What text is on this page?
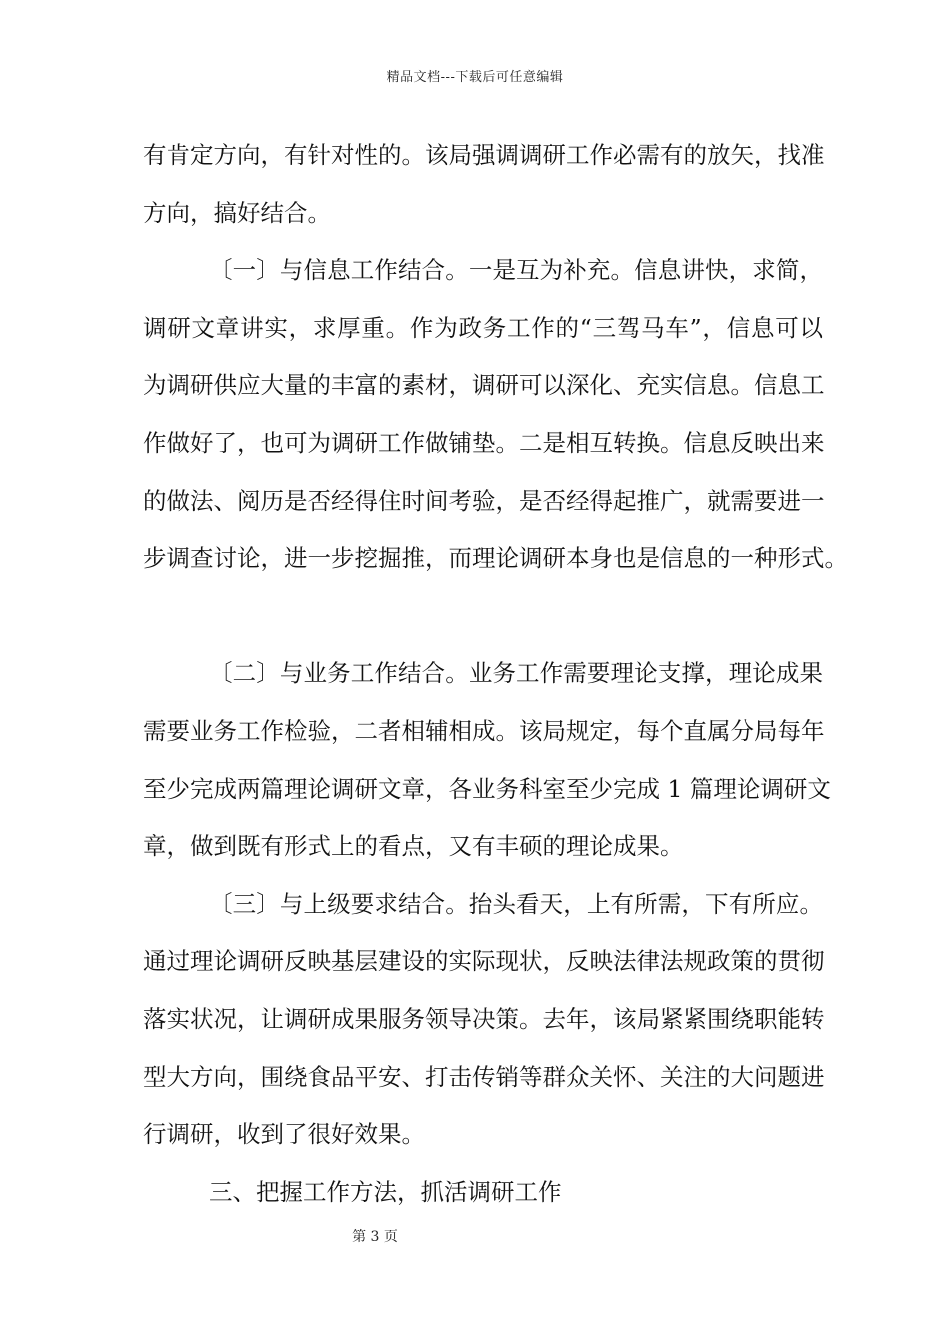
精品文档---下载后可任意编辑
有肯定方向，有针对性的。该局强调调研工作必需有的放矢，找准
方向，搞好结合。
〔一〕与信息工作结合。一是互为补充。信息讲快，求简，
调研文章讲实，求厚重。作为政务工作的“三驾马车”，信息可以
为调研供应大量的丰富的素材，调研可以深化、充实信息。信息工
作做好了，也可为调研工作做铺垫。二是相互转换。信息反映出来
的做法、阅历是否经得住时间考验，是否经得起推广，就需要进一
步调查讨论，进一步挖掘推，而理论调研本身也是信息的一种形式。
〔二〕与业务工作结合。业务工作需要理论支撑，理论成果
需要业务工作检验，二者相辅相成。该局规定，每个直属分局每年
至少完成两篇理论调研文章，各业务科室至少完成 1 篇理论调研文
章，做到既有形式上的看点，又有丰硕的理论成果。
〔三〕与上级要求结合。抬头看天，上有所需，下有所应。
通过理论调研反映基层建设的实际现状，反映法律法规政策的贯彻
落实状况，让调研成果服务领导决策。去年，该局紧紧围绕职能转
型大方向，围绕食品平安、打击传销等群众关怀、关注的大问题进
行调研，收到了很好效果。
三、把握工作方法，抓活调研工作
第 3 页
